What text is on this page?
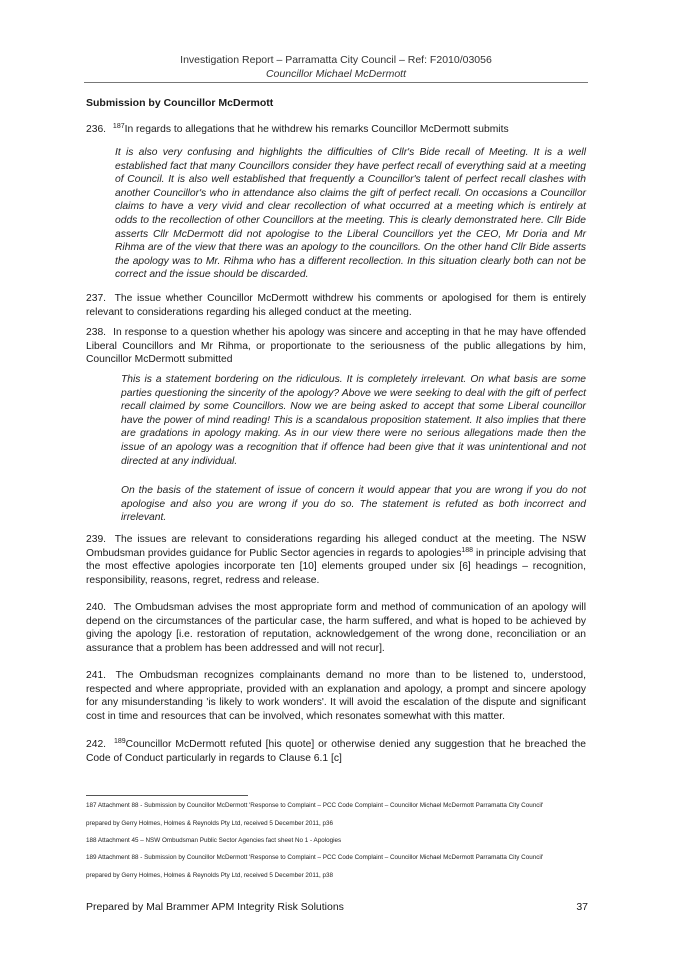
Investigation Report – Parramatta City Council – Ref: F2010/03056
Councillor Michael McDermott
Submission by Councillor McDermott

236. $^{187}$In regards to allegations that he withdrew his remarks Councillor McDermott submits

It is also very confusing and highlights the difficulties of Cllr's Bide recall of Meeting. It is a well established fact that many Councillors consider they have perfect recall of everything said at a meeting of Council. It is also well established that frequently a Councillor's talent of perfect recall clashes with another Councillor's who in attendance also claims the gift of perfect recall. On occasions a Councillor claims to have a very vivid and clear recollection of what occurred at a meeting which is entirely at odds to the recollection of other Councillors at the meeting. This is clearly demonstrated here. Cllr Bide asserts Cllr McDermott did not apologise to the Liberal Councillors yet the CEO, Mr Doria and Mr Rihma are of the view that there was an apology to the councillors. On the other hand Cllr Bide asserts the apology was to Mr. Rihma who has a different recollection. In this situation clearly both can not be correct and the issue should be discarded.

237. The issue whether Councillor McDermott withdrew his comments or apologised for them is entirely relevant to considerations regarding his alleged conduct at the meeting.

238. In response to a question whether his apology was sincere and accepting in that he may have offended Liberal Councillors and Mr Rihma, or proportionate to the seriousness of the public allegations by him, Councillor McDermott submitted

This is a statement bordering on the ridiculous. It is completely irrelevant. On what basis are some parties questioning the sincerity of the apology? Above we were seeking to deal with the gift of perfect recall claimed by some Councillors. Now we are being asked to accept that some Liberal councillor have the power of mind reading! This is a scandalous proposition statement. It also implies that there are gradations in apology making. As in our view there were no serious allegations made then the issue of an apology was a recognition that if offence had been give that it was unintentional and not directed at any individual.

On the basis of the statement of issue of concern it would appear that you are wrong if you do not apologise and also you are wrong if you do so. The statement is refuted as both incorrect and irrelevant.

239. The issues are relevant to considerations regarding his alleged conduct at the meeting. The NSW Ombudsman provides guidance for Public Sector agencies in regards to apologies$^{188}$ in principle advising that the most effective apologies incorporate ten [10] elements grouped under six [6] headings – recognition, responsibility, reasons, regret, redress and release.

240. The Ombudsman advises the most appropriate form and method of communication of an apology will depend on the circumstances of the particular case, the harm suffered, and what is hoped to be achieved by giving the apology [i.e. restoration of reputation, acknowledgement of the wrong done, reconciliation or an assurance that a problem has been addressed and will not recur].

241. The Ombudsman recognizes complainants demand no more than to be listened to, understood, respected and where appropriate, provided with an explanation and apology, a prompt and sincere apology for any misunderstanding 'is likely to work wonders'. It will avoid the escalation of the dispute and significant cost in time and resources that can be involved, which resonates somewhat with this matter.

242. $^{189}$Councillor McDermott refuted [his quote] or otherwise denied any suggestion that he breached the Code of Conduct particularly in regards to Clause 6.1 [c]

187 Attachment 88 - Submission by Councillor McDermott 'Response to Complaint – PCC Code Complaint – Councillor Michael McDermott Parramatta City Council'
prepared by Gerry Holmes, Holmes & Reynolds Pty Ltd, received 5 December 2011, p36
188 Attachment 45 – NSW Ombudsman Public Sector Agencies fact sheet No 1 - Apologies
189 Attachment 88 - Submission by Councillor McDermott 'Response to Complaint – PCC Code Complaint – Councillor Michael McDermott Parramatta City Council'
prepared by Gerry Holmes, Holmes & Reynolds Pty Ltd, received 5 December 2011, p38
Prepared by Mal Brammer APM Integrity Risk Solutions	37
